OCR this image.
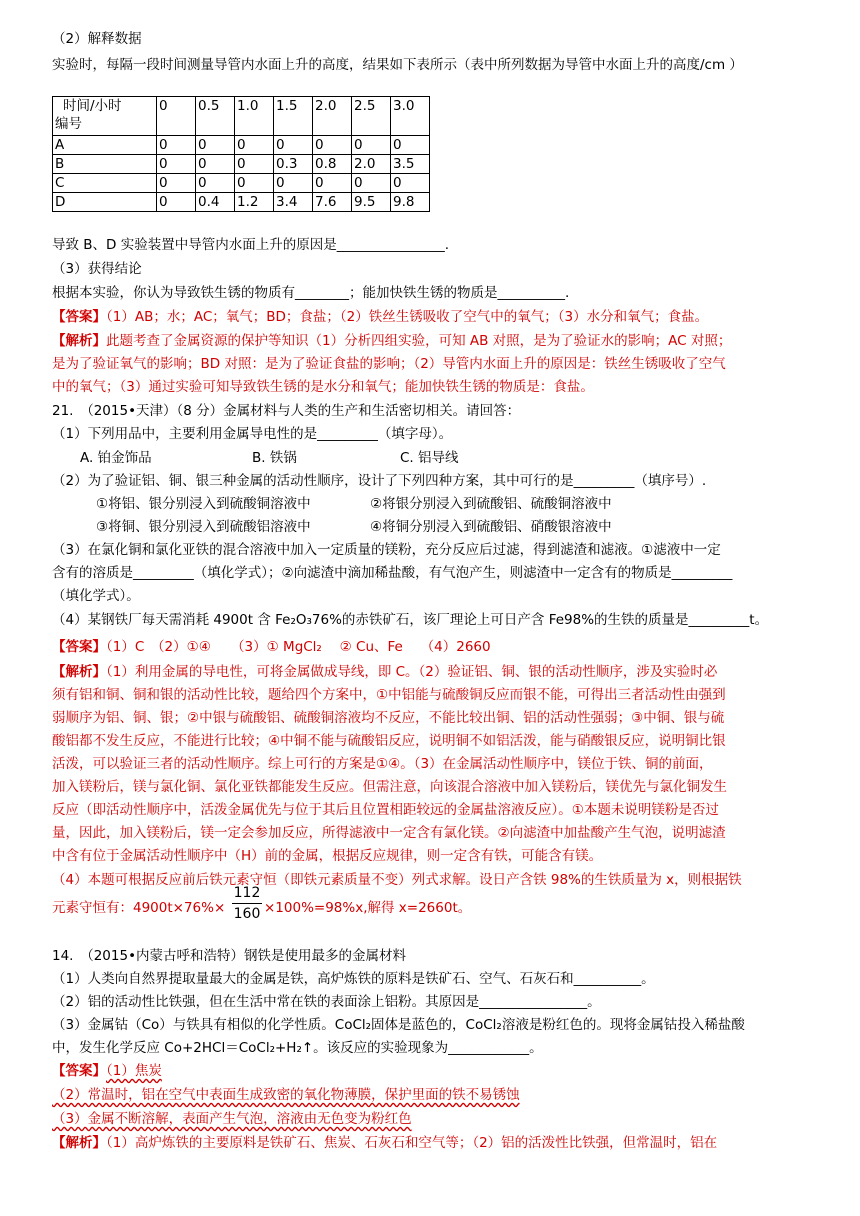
（2）解释数据
实验时，每隔一段时间测量导管内水面上升的高度，结果如下表所示（表中所列数据为导管中水面上升的高度/cm ）
时间/小时
编号	0	0.5	1.0	1.5	2.0	2.5	3.0
A	0	0	0	0	0	0	0
B	0	0	0	0.3	0.8	2.0	3.5
C	0	0	0	0	0	0	0
D	0	0.4	1.2	3.4	7.6	9.5	9.8
导致 B、D 实验装置中导管内水面上升的原因是________________.
（3）获得结论
根据本实验，你认为导致铁生锈的物质有________；能加快铁生锈的物质是__________.
【答案】（1）AB；水；AC；氧气；BD；食盐；（2）铁丝生锈吸收了空气中的氧气；（3）水分和氧气；食盐。
【解析】此题考查了金属资源的保护等知识（1）分析四组实验，可知 AB 对照，是为了验证水的影响；AC 对照；
是为了验证氧气的影响；BD 对照：是为了验证食盐的影响；（2）导管内水面上升的原因是：铁丝生锈吸收了空气
中的氧气；（3）通过实验可知导致铁生锈的是水分和氧气；能加快铁生锈的物质是：食盐。
21.　（2015•天津）（8 分）金属材料与人类的生产和生活密切相关。请回答：
（1）下列用品中，主要利用金属导电性的是_________（填字母）。
A. 铂金饰品	B. 铁锅	C. 铝导线
（2）为了验证铝、铜、银三种金属的活动性顺序，设计了下列四种方案，其中可行的是_________（填序号）.
①将铝、银分别浸入到硫酸铜溶液中	②将银分别浸入到硫酸铝、硫酸铜溶液中
③将铜、银分别浸入到硫酸铝溶液中	④将铜分别浸入到硫酸铝、硝酸银溶液中
（3）在氯化铜和氯化亚铁的混合溶液中加入一定质量的镁粉，充分反应后过滤，得到滤渣和滤液。①滤液中一定
含有的溶质是_________（填化学式）；②向滤渣中滴加稀盐酸，有气泡产生，则滤渣中一定含有的物质是_________
（填化学式）。
（4）某钢铁厂每天需消耗 4900t 含 Fe₂O₃76%的赤铁矿石，该厂理论上可日产含 Fe98%的生铁的质量是_________t。
【答案】（1）C　（2）①④　　（3）① MgCl₂　 ② Cu、Fe　 （4）2660
【解析】（1）利用金属的导电性，可将金属做成导线，即 C。（2）验证铝、铜、银的活动性顺序，涉及实验时必
须有铝和铜、铜和银的活动性比较，题给四个方案中，①中铝能与硫酸铜反应而银不能，可得出三者活动性由强到
弱顺序为铝、铜、银；②中银与硫酸铝、硫酸铜溶液均不反应，不能比较出铜、铝的活动性强弱；③中铜、银与硫
酸铝都不发生反应，不能进行比较；④中铜不能与硫酸铝反应，说明铜不如铝活泼，能与硝酸银反应，说明铜比银
活泼，可以验证三者的活动性顺序。综上可行的方案是①④。（3）在金属活动性顺序中，镁位于铁、铜的前面，
加入镁粉后，镁与氯化铜、氯化亚铁都能发生反应。但需注意，向该混合溶液中加入镁粉后，镁优先与氯化铜发生
反应（即活动性顺序中，活泼金属优先与位于其后且位置相距较远的金属盐溶液反应）。①本题未说明镁粉是否过
量，因此，加入镁粉后，镁一定会参加反应，所得滤液中一定含有氯化镁。②向滤渣中加盐酸产生气泡，说明滤渣
中含有位于金属活动性顺序中（H）前的金属，根据反应规律，则一定含有铁，可能含有镁。
（4）本题可根据反应前后铁元素守恒（即铁元素质量不变）列式求解。设日产含铁 98%的生铁质量为 x，则根据铁
元素守恒有：$4900t\times 76\%\times \frac{112}{160} \times 100\%=98\%x$,解得 x=2660t。
14.　（2015•内蒙古呼和浩特）钢铁是使用最多的金属材料
（1）人类向自然界提取量最大的金属是铁，高炉炼铁的原料是铁矿石、空气、石灰石和__________。
（2）铝的活动性比铁强，但在生活中常在铁的表面涂上铝粉。其原因是________________。
（3）金属钴（Co）与铁具有相似的化学性质。CoCl₂固体是蓝色的，CoCl₂溶液是粉红色的。现将金属钴投入稀盐酸
中，发生化学反应 Co+2HCl＝CoCl₂+H₂↑。该反应的实验现象为____________。
【答案】（1）焦炭
（2）常温时，铝在空气中表面生成致密的氧化物薄膜，保护里面的铁不易锈蚀
（3）金属不断溶解，表面产生气泡，溶液由无色变为粉红色
【解析】（1）高炉炼铁的主要原料是铁矿石、焦炭、石灰石和空气等；（2）铝的活泼性比铁强，但常温时，铝在
